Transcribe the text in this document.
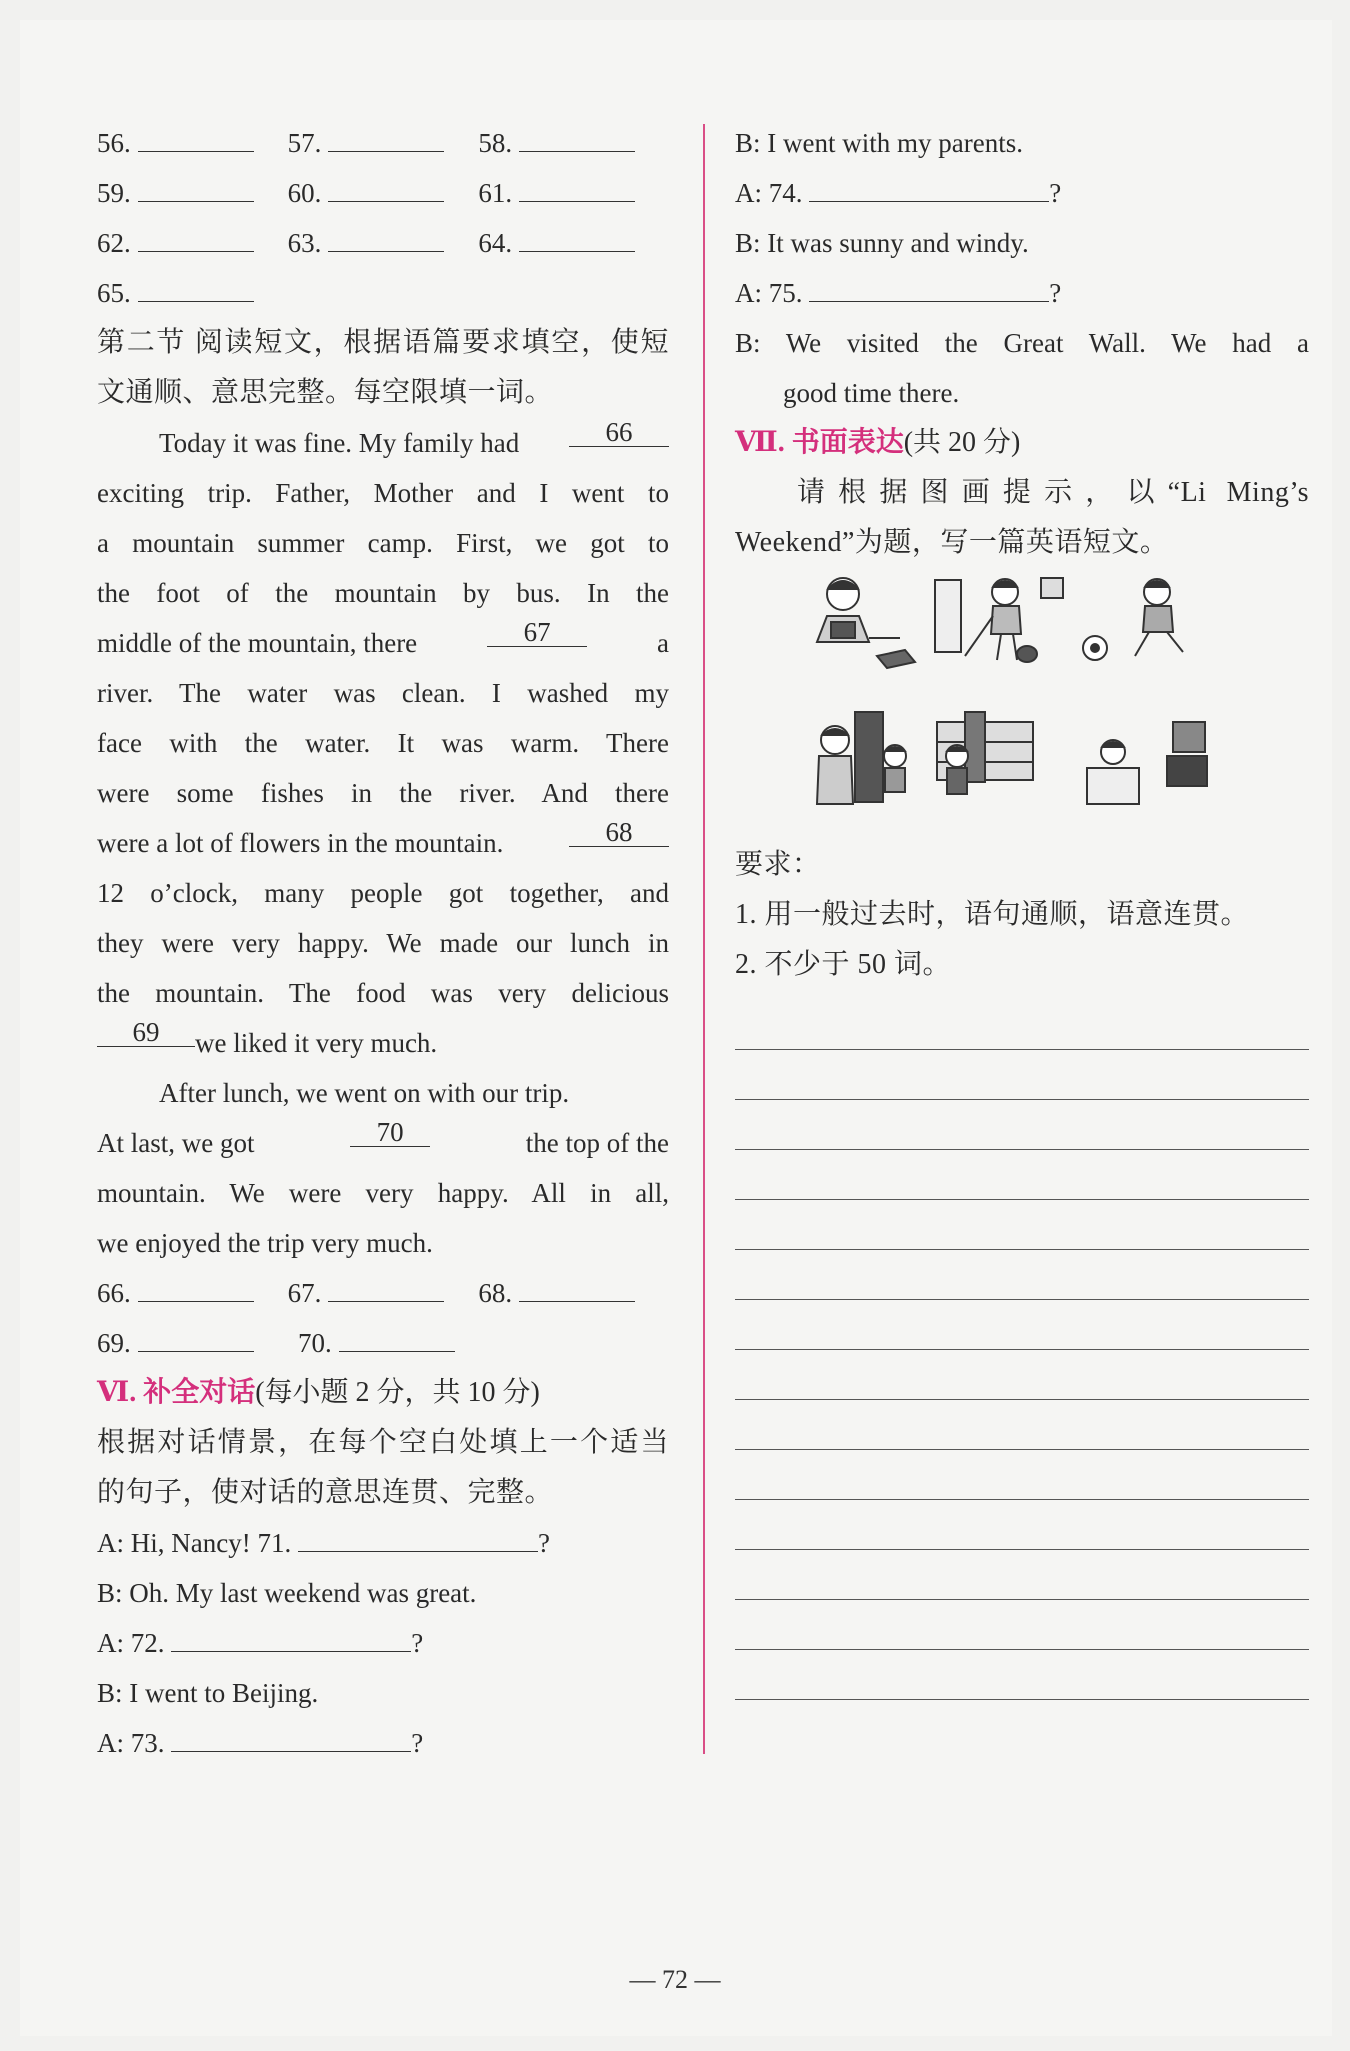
56.	57.	58.
59.	60.	61.
62.	63.	64.
65.
第二节 阅读短文，根据语篇要求填空，使短
文通顺、意思完整。每空限填一词。
Today it was fine. My family had	66
exciting trip. Father, Mother and I went to
a mountain summer camp. First, we got to
the foot of the mountain by bus. In the
middle of the mountain, there	67	a
river. The water was clean. I washed my
face with the water. It was warm. There
were some fishes in the river. And there
were a lot of flowers in the mountain.	68
12 o’clock, many people got together, and
they were very happy. We made our lunch in
the mountain. The food was very delicious
69	we liked it very much.
After lunch, we went on with our trip.
At last, we got	70	the top of the
mountain. We were very happy. All in all,
we enjoyed the trip very much.
66.	67.	68.
69.	70.
Ⅵ. 补全对话(每小题 2 分，共 10 分)
根据对话情景，在每个空白处填上一个适当
的句子，使对话的意思连贯、完整。
A: Hi, Nancy! 71.	?
B: Oh. My last weekend was great.
A: 72.	?
B: I went to Beijing.
A: 73.	?
B: I went with my parents.
A: 74.	?
B: It was sunny and windy.
A: 75.	?
B: We visited the Great Wall. We had a
good time there.
Ⅶ. 书面表达(共 20 分)
请根据图画提示，以“Li Ming’s
Weekend”为题，写一篇英语短文。
要求：
1. 用一般过去时，语句通顺，语意连贯。
2. 不少于 50 词。
— 72 —
